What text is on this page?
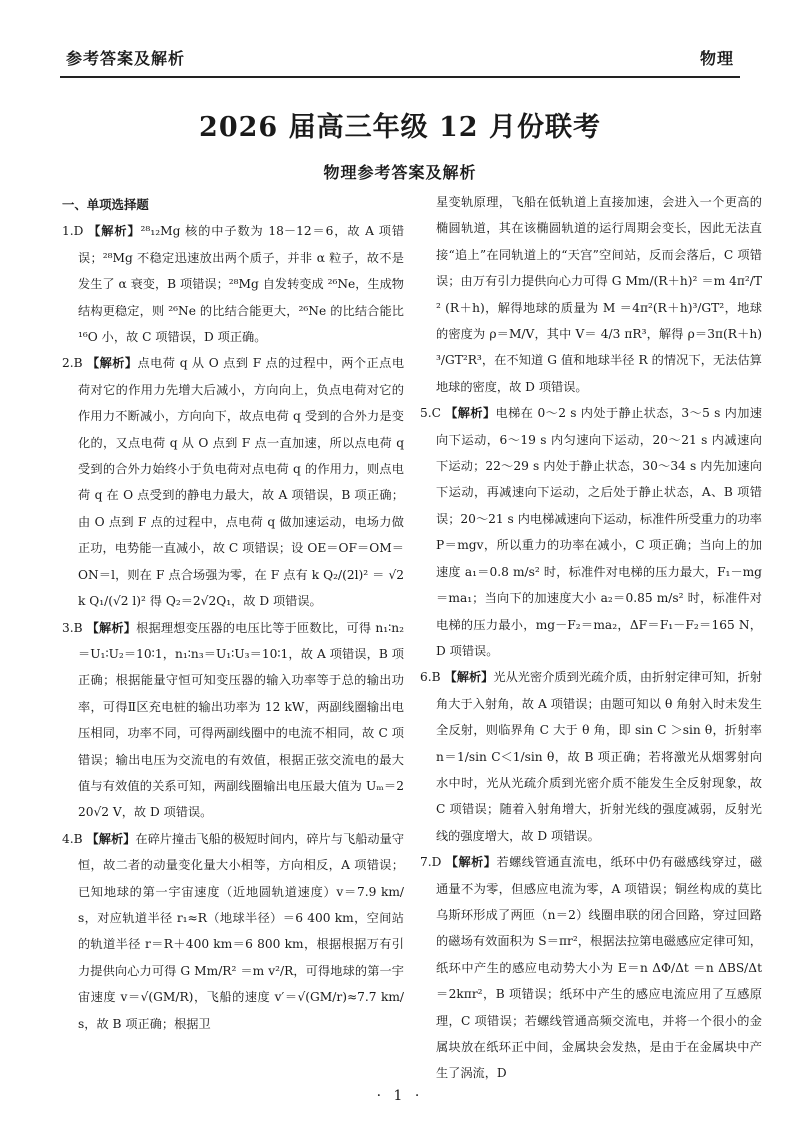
参考答案及解析	物理
2026 届高三年级 12 月份联考
物理参考答案及解析

一、单项选择题

1.D 【解析】²⁸₁₂Mg 核的中子数为 18－12＝6，故 A 项错误；²⁸Mg 不稳定迅速放出两个质子，并非 α 粒子，故不是发生了 α 衰变，B 项错误；²⁸Mg 自发转变成 ²⁶Ne，生成物结构更稳定，则 ²⁶Ne 的比结合能更大，²⁶Ne 的比结合能比 ¹⁶O 小，故 C 项错误，D 项正确。

2.B 【解析】点电荷 q 从 O 点到 F 点的过程中，两个正点电荷对它的作用力先增大后减小，方向向上，负点电荷对它的作用力不断减小，方向向下，故点电荷 q 受到的合外力是变化的，又点电荷 q 从 O 点到 F 点一直加速，所以点电荷 q 受到的合外力始终小于负电荷对点电荷 q 的作用力，则点电荷 q 在 O 点受到的静电力最大，故 A 项错误，B 项正确；由 O 点到 F 点的过程中，点电荷 q 做加速运动，电场力做正功，电势能一直减小，故 C 项错误；设 OE＝OF＝OM＝ON＝l，则在 F 点合场强为零，在 F 点有 k Q₂/(2l)² ＝ √2 k Q₁/(√2 l)² 得 Q₂＝2√2Q₁，故 D 项错误。

3.B 【解析】根据理想变压器的电压比等于匝数比，可得 n₁∶n₂＝U₁∶U₂＝10∶1，n₁∶n₃＝U₁∶U₃＝10∶1，故 A 项错误，B 项正确；根据能量守恒可知变压器的输入功率等于总的输出功率，可得Ⅱ区充电桩的输出功率为 12 kW，两副线圈输出电压相同，功率不同，可得两副线圈中的电流不相同，故 C 项错误；输出电压为交流电的有效值，根据正弦交流电的最大值与有效值的关系可知，两副线圈输出电压最大值为 Uₘ＝220√2 V，故 D 项错误。

4.B 【解析】在碎片撞击飞船的极短时间内，碎片与飞船动量守恒，故二者的动量变化量大小相等，方向相反，A 项错误；已知地球的第一宇宙速度（近地圆轨道速度）v＝7.9 km/s，对应轨道半径 r₁≈R（地球半径）＝6 400 km，空间站的轨道半径 r＝R＋400 km＝6 800 km，根据根据万有引力提供向心力可得 G Mm/R² ＝m v²/R，可得地球的第一宇宙速度 v＝√(GM/R)，飞船的速度 v′＝√(GM/r)≈7.7 km/s，故 B 项正确；根据卫

星变轨原理，飞船在低轨道上直接加速，会进入一个更高的椭圆轨道，其在该椭圆轨道的运行周期会变长，因此无法直接“追上”在同轨道上的“天宫”空间站，反而会落后，C 项错误；由万有引力提供向心力可得 G Mm/(R＋h)² ＝m 4π²/T² (R＋h)，解得地球的质量为 M ＝4π²(R＋h)³/GT²，地球的密度为 ρ＝M/V，其中 V＝ 4/3 πR³，解得 ρ＝3π(R＋h)³/GT²R³，在不知道 G 值和地球半径 R 的情况下，无法估算地球的密度，故 D 项错误。

5.C 【解析】电梯在 0～2 s 内处于静止状态，3～5 s 内加速向下运动，6～19 s 内匀速向下运动，20～21 s 内减速向下运动；22～29 s 内处于静止状态，30～34 s 内先加速向下运动，再减速向下运动，之后处于静止状态，A、B 项错误；20～21 s 内电梯减速向下运动，标准件所受重力的功率 P＝mgv，所以重力的功率在减小，C 项正确；当向上的加速度 a₁＝0.8 m/s² 时，标准件对电梯的压力最大，F₁－mg＝ma₁；当向下的加速度大小 a₂＝0.85 m/s² 时，标准件对电梯的压力最小，mg－F₂＝ma₂，ΔF＝F₁－F₂＝165 N，D 项错误。

6.B 【解析】光从光密介质到光疏介质，由折射定律可知，折射角大于入射角，故 A 项错误；由题可知以 θ 角射入时未发生全反射，则临界角 C 大于 θ 角，即 sin C ＞sin θ，折射率 n＝1/sin C＜1/sin θ，故 B 项正确；若将激光从烟雾射向水中时，光从光疏介质到光密介质不能发生全反射现象，故 C 项错误；随着入射角增大，折射光线的强度减弱，反射光线的强度增大，故 D 项错误。

7.D 【解析】若螺线管通直流电，纸环中仍有磁感线穿过，磁通量不为零，但感应电流为零，A 项错误；铜丝构成的莫比乌斯环形成了两匝（n＝2）线圈串联的闭合回路，穿过回路的磁场有效面积为 S＝πr²，根据法拉第电磁感应定律可知，纸环中产生的感应电动势大小为 E＝n ΔΦ/Δt ＝n ΔBS/Δt ＝2kπr²，B 项错误；纸环中产生的感应电流应用了互感原理，C 项错误；若螺线管通高频交流电，并将一个很小的金属块放在纸环正中间，金属块会发热，是由于在金属块中产生了涡流，D

· 1 ·
